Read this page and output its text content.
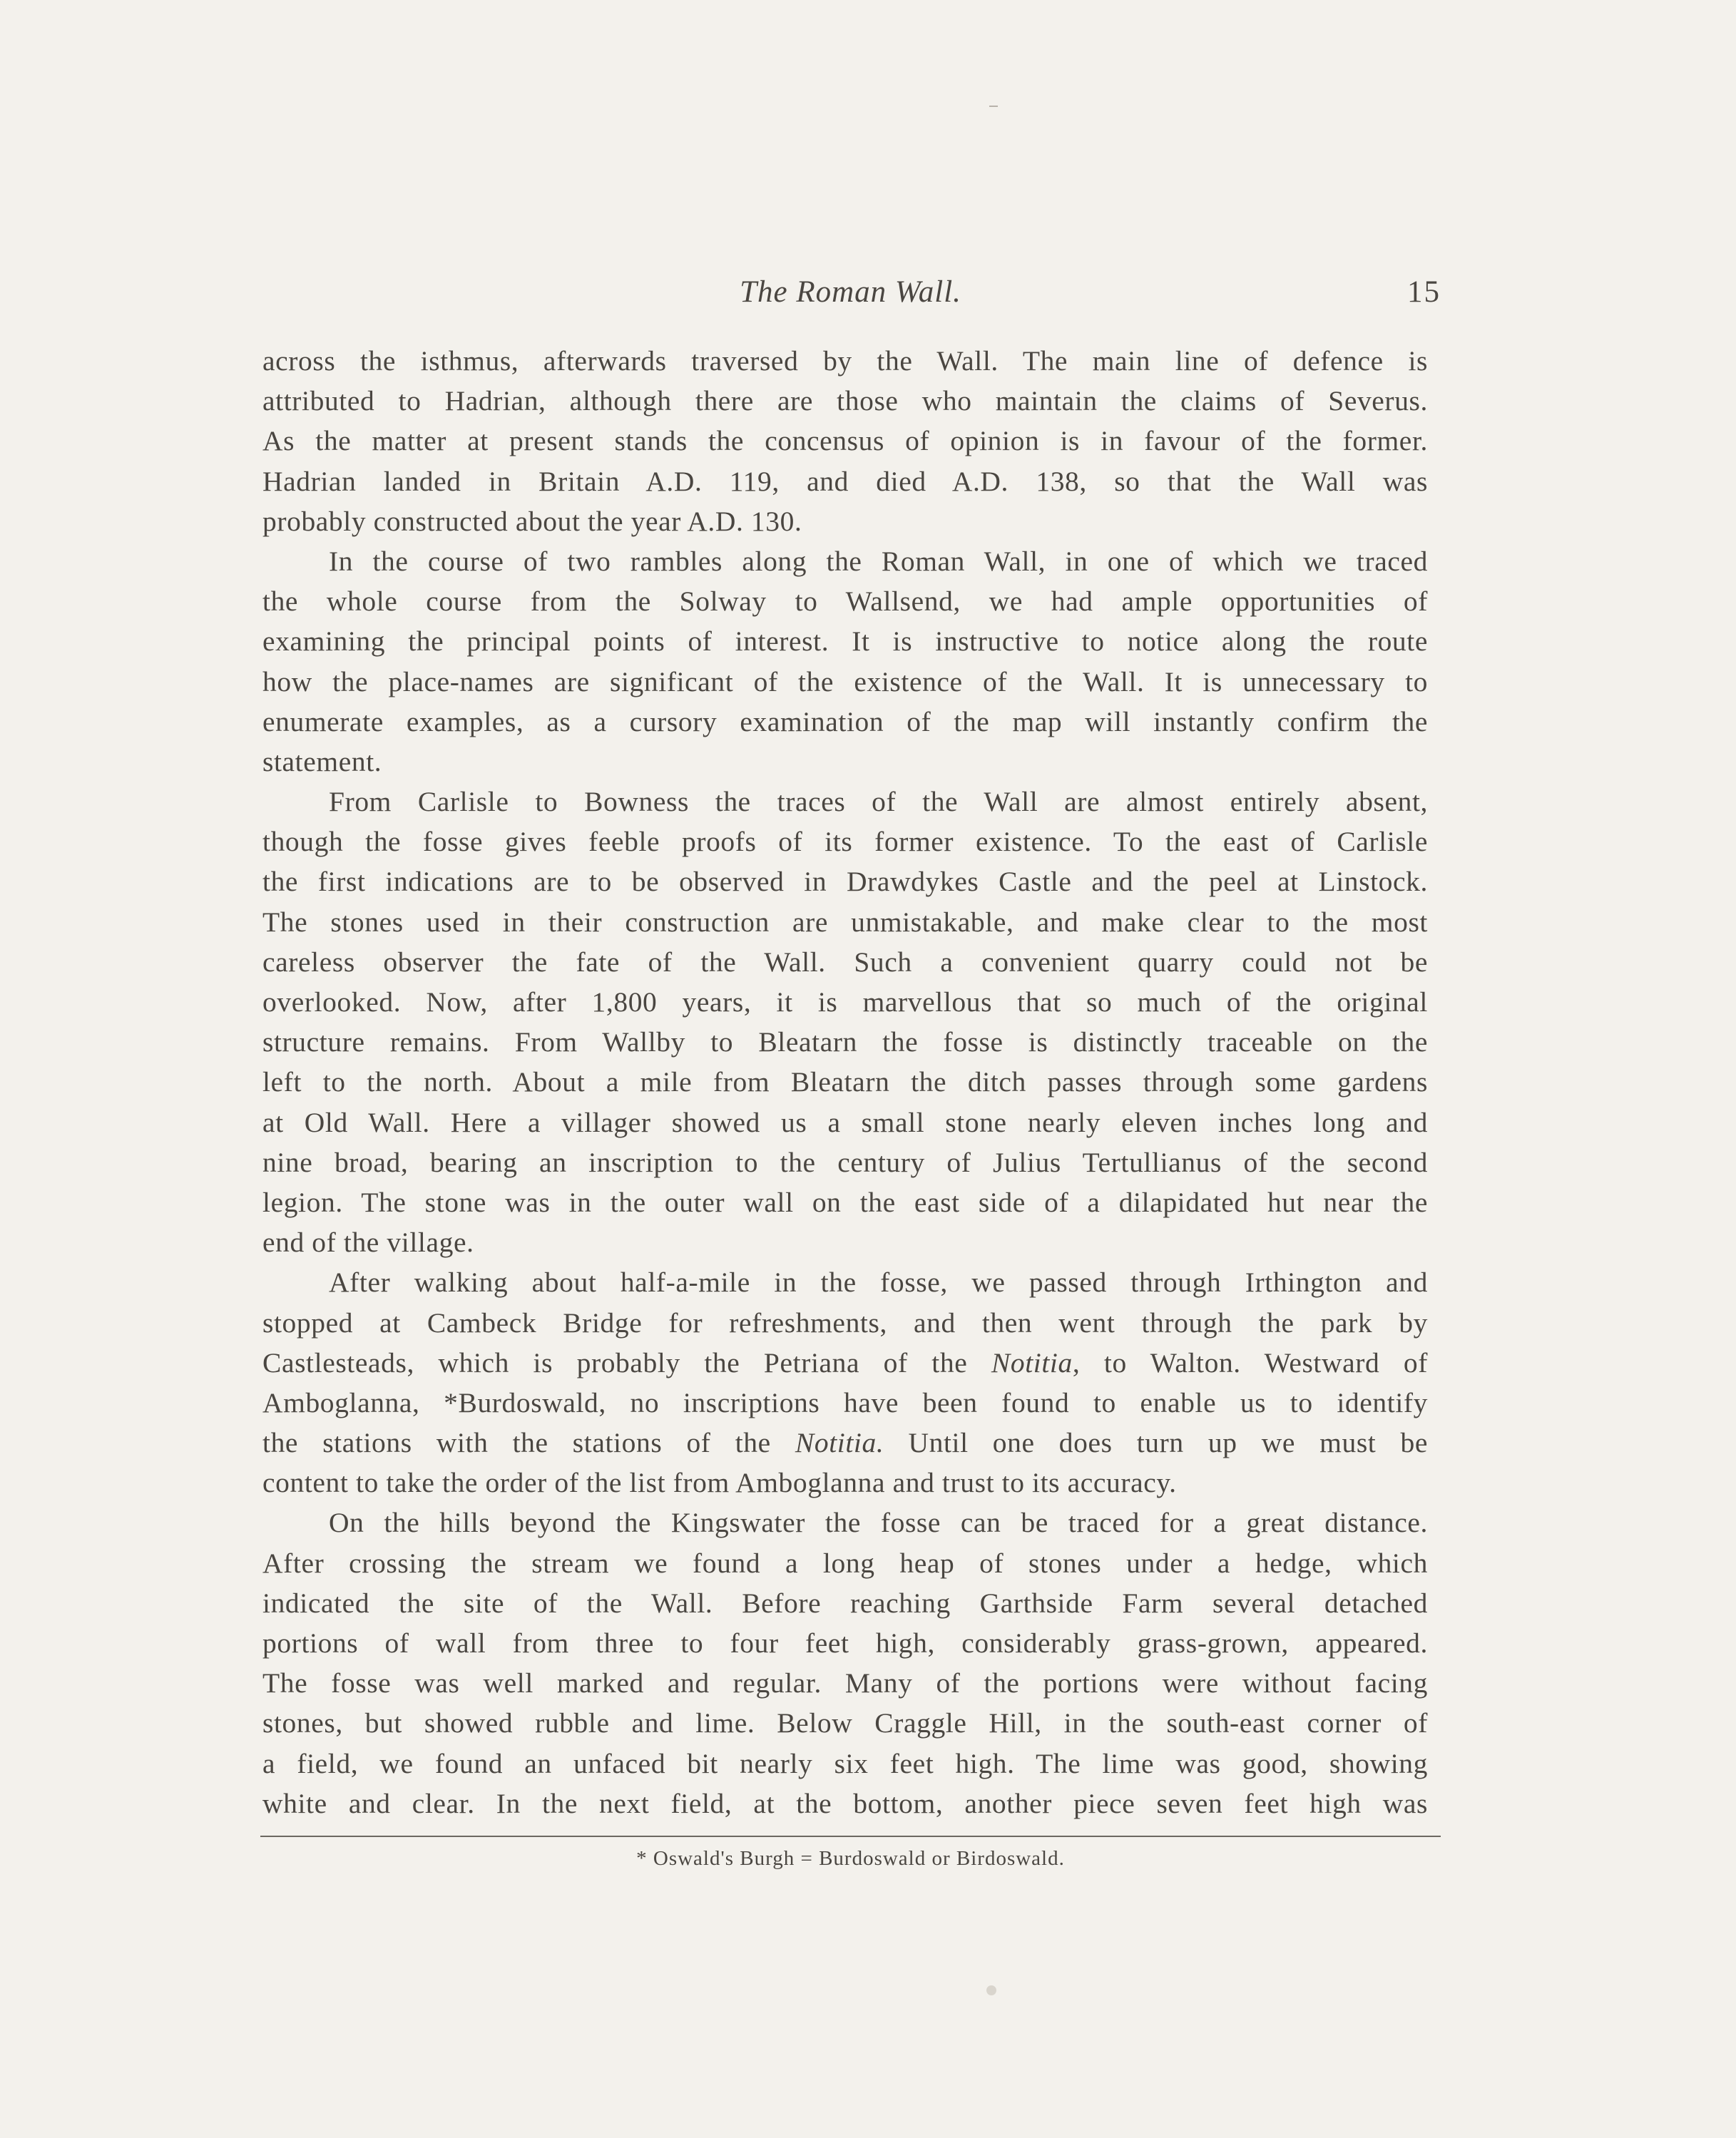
The Roman Wall.	15
across the isthmus, afterwards traversed by the Wall. The main line of defence is
attributed to Hadrian, although there are those who maintain the claims of Severus.
As the matter at present stands the concensus of opinion is in favour of the former.
Hadrian landed in Britain A.D. 119, and died A.D. 138, so that the Wall was
probably constructed about the year A.D. 130.
In the course of two rambles along the Roman Wall, in one of which we traced
the whole course from the Solway to Wallsend, we had ample opportunities of
examining the principal points of interest. It is instructive to notice along the route
how the place-names are significant of the existence of the Wall. It is unnecessary to
enumerate examples, as a cursory examination of the map will instantly confirm the
statement.
From Carlisle to Bowness the traces of the Wall are almost entirely absent,
though the fosse gives feeble proofs of its former existence. To the east of Carlisle
the first indications are to be observed in Drawdykes Castle and the peel at Linstock.
The stones used in their construction are unmistakable, and make clear to the most
careless observer the fate of the Wall. Such a convenient quarry could not be
overlooked. Now, after 1,800 years, it is marvellous that so much of the original
structure remains. From Wallby to Bleatarn the fosse is distinctly traceable on the
left to the north. About a mile from Bleatarn the ditch passes through some gardens
at Old Wall. Here a villager showed us a small stone nearly eleven inches long and
nine broad, bearing an inscription to the century of Julius Tertullianus of the second
legion. The stone was in the outer wall on the east side of a dilapidated hut near the
end of the village.
After walking about half-a-mile in the fosse, we passed through Irthington and
stopped at Cambeck Bridge for refreshments, and then went through the park by
Castlesteads, which is probably the Petriana of the Notitia, to Walton. Westward of
Amboglanna, *Burdoswald, no inscriptions have been found to enable us to identify
the stations with the stations of the Notitia. Until one does turn up we must be
content to take the order of the list from Amboglanna and trust to its accuracy.
On the hills beyond the Kingswater the fosse can be traced for a great distance.
After crossing the stream we found a long heap of stones under a hedge, which
indicated the site of the Wall. Before reaching Garthside Farm several detached
portions of wall from three to four feet high, considerably grass-grown, appeared.
The fosse was well marked and regular. Many of the portions were without facing
stones, but showed rubble and lime. Below Craggle Hill, in the south-east corner of
a field, we found an unfaced bit nearly six feet high. The lime was good, showing
white and clear. In the next field, at the bottom, another piece seven feet high was
* Oswald's Burgh = Burdoswald or Birdoswald.
